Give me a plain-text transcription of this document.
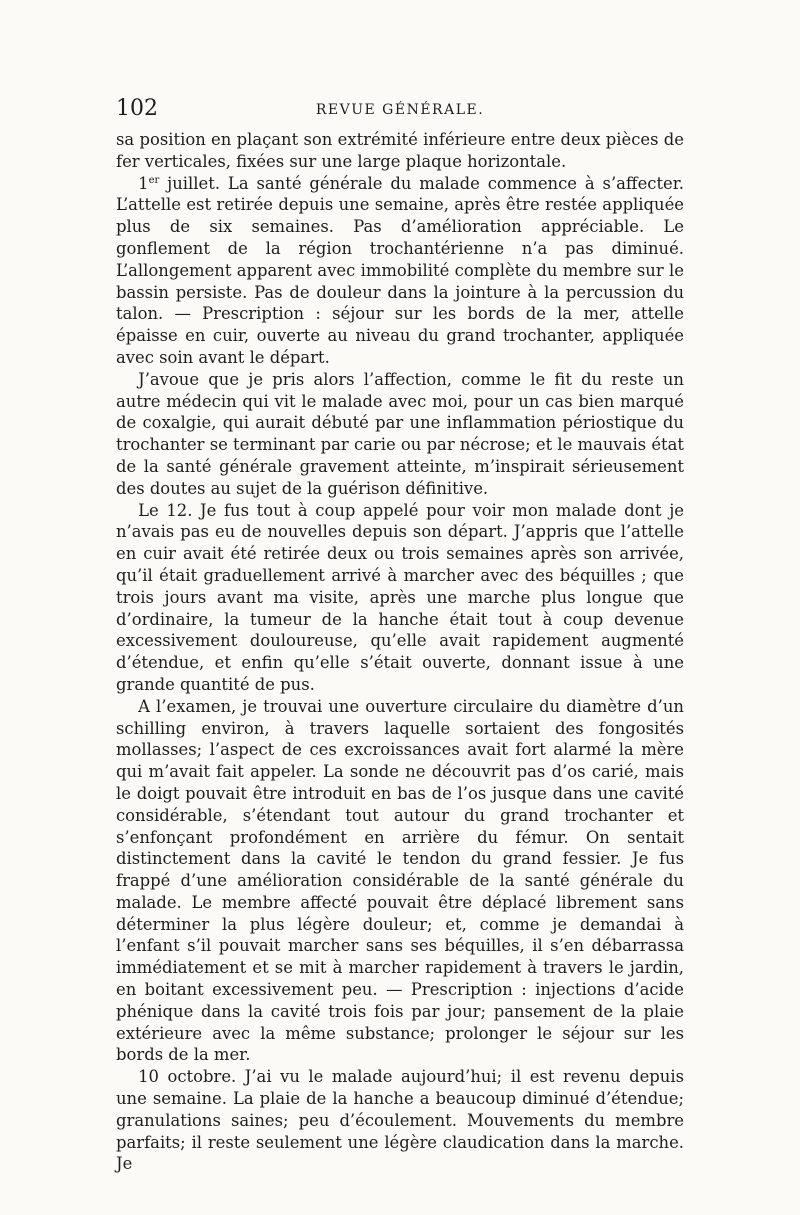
102	REVUE GÉNÉRALE.

sa position en plaçant son extrémité inférieure entre deux pièces de fer verticales, fixées sur une large plaque horizontale.

1er juillet. La santé générale du malade commence à s’affecter. L’attelle est retirée depuis une semaine, après être restée appliquée plus de six semaines. Pas d’amélioration appréciable. Le gonflement de la région trochantérienne n’a pas diminué. L’allongement apparent avec immobilité complète du membre sur le bassin persiste. Pas de douleur dans la jointure à la percussion du talon. — Prescription : séjour sur les bords de la mer, attelle épaisse en cuir, ouverte au niveau du grand trochanter, appliquée avec soin avant le départ.

J’avoue que je pris alors l’affection, comme le fit du reste un autre médecin qui vit le malade avec moi, pour un cas bien marqué de coxalgie, qui aurait débuté par une inflammation périostique du trochanter se terminant par carie ou par nécrose; et le mauvais état de la santé générale gravement atteinte, m’inspirait sérieusement des doutes au sujet de la guérison définitive.

Le 12. Je fus tout à coup appelé pour voir mon malade dont je n’avais pas eu de nouvelles depuis son départ. J’appris que l’attelle en cuir avait été retirée deux ou trois semaines après son arrivée, qu’il était graduellement arrivé à marcher avec des béquilles ; que trois jours avant ma visite, après une marche plus longue que d’ordinaire, la tumeur de la hanche était tout à coup devenue excessivement douloureuse, qu’elle avait rapidement augmenté d’étendue, et enfin qu’elle s’était ouverte, donnant issue à une grande quantité de pus.

A l’examen, je trouvai une ouverture circulaire du diamètre d’un schilling environ, à travers laquelle sortaient des fongosités mollasses; l’aspect de ces excroissances avait fort alarmé la mère qui m’avait fait appeler. La sonde ne découvrit pas d’os carié, mais le doigt pouvait être introduit en bas de l’os jusque dans une cavité considérable, s’étendant tout autour du grand trochanter et s’enfonçant profondément en arrière du fémur. On sentait distinctement dans la cavité le tendon du grand fessier. Je fus frappé d’une amélioration considérable de la santé générale du malade. Le membre affecté pouvait être déplacé librement sans déterminer la plus légère douleur; et, comme je demandai à l’enfant s’il pouvait marcher sans ses béquilles, il s’en débarrassa immédiatement et se mit à marcher rapidement à travers le jardin, en boitant excessivement peu. — Prescription : injections d’acide phénique dans la cavité trois fois par jour; pansement de la plaie extérieure avec la même substance; prolonger le séjour sur les bords de la mer.

10 octobre. J’ai vu le malade aujourd’hui; il est revenu depuis une semaine. La plaie de la hanche a beaucoup diminué d’étendue; granulations saines; peu d’écoulement. Mouvements du membre parfaits; il reste seulement une légère claudication dans la marche. Je
